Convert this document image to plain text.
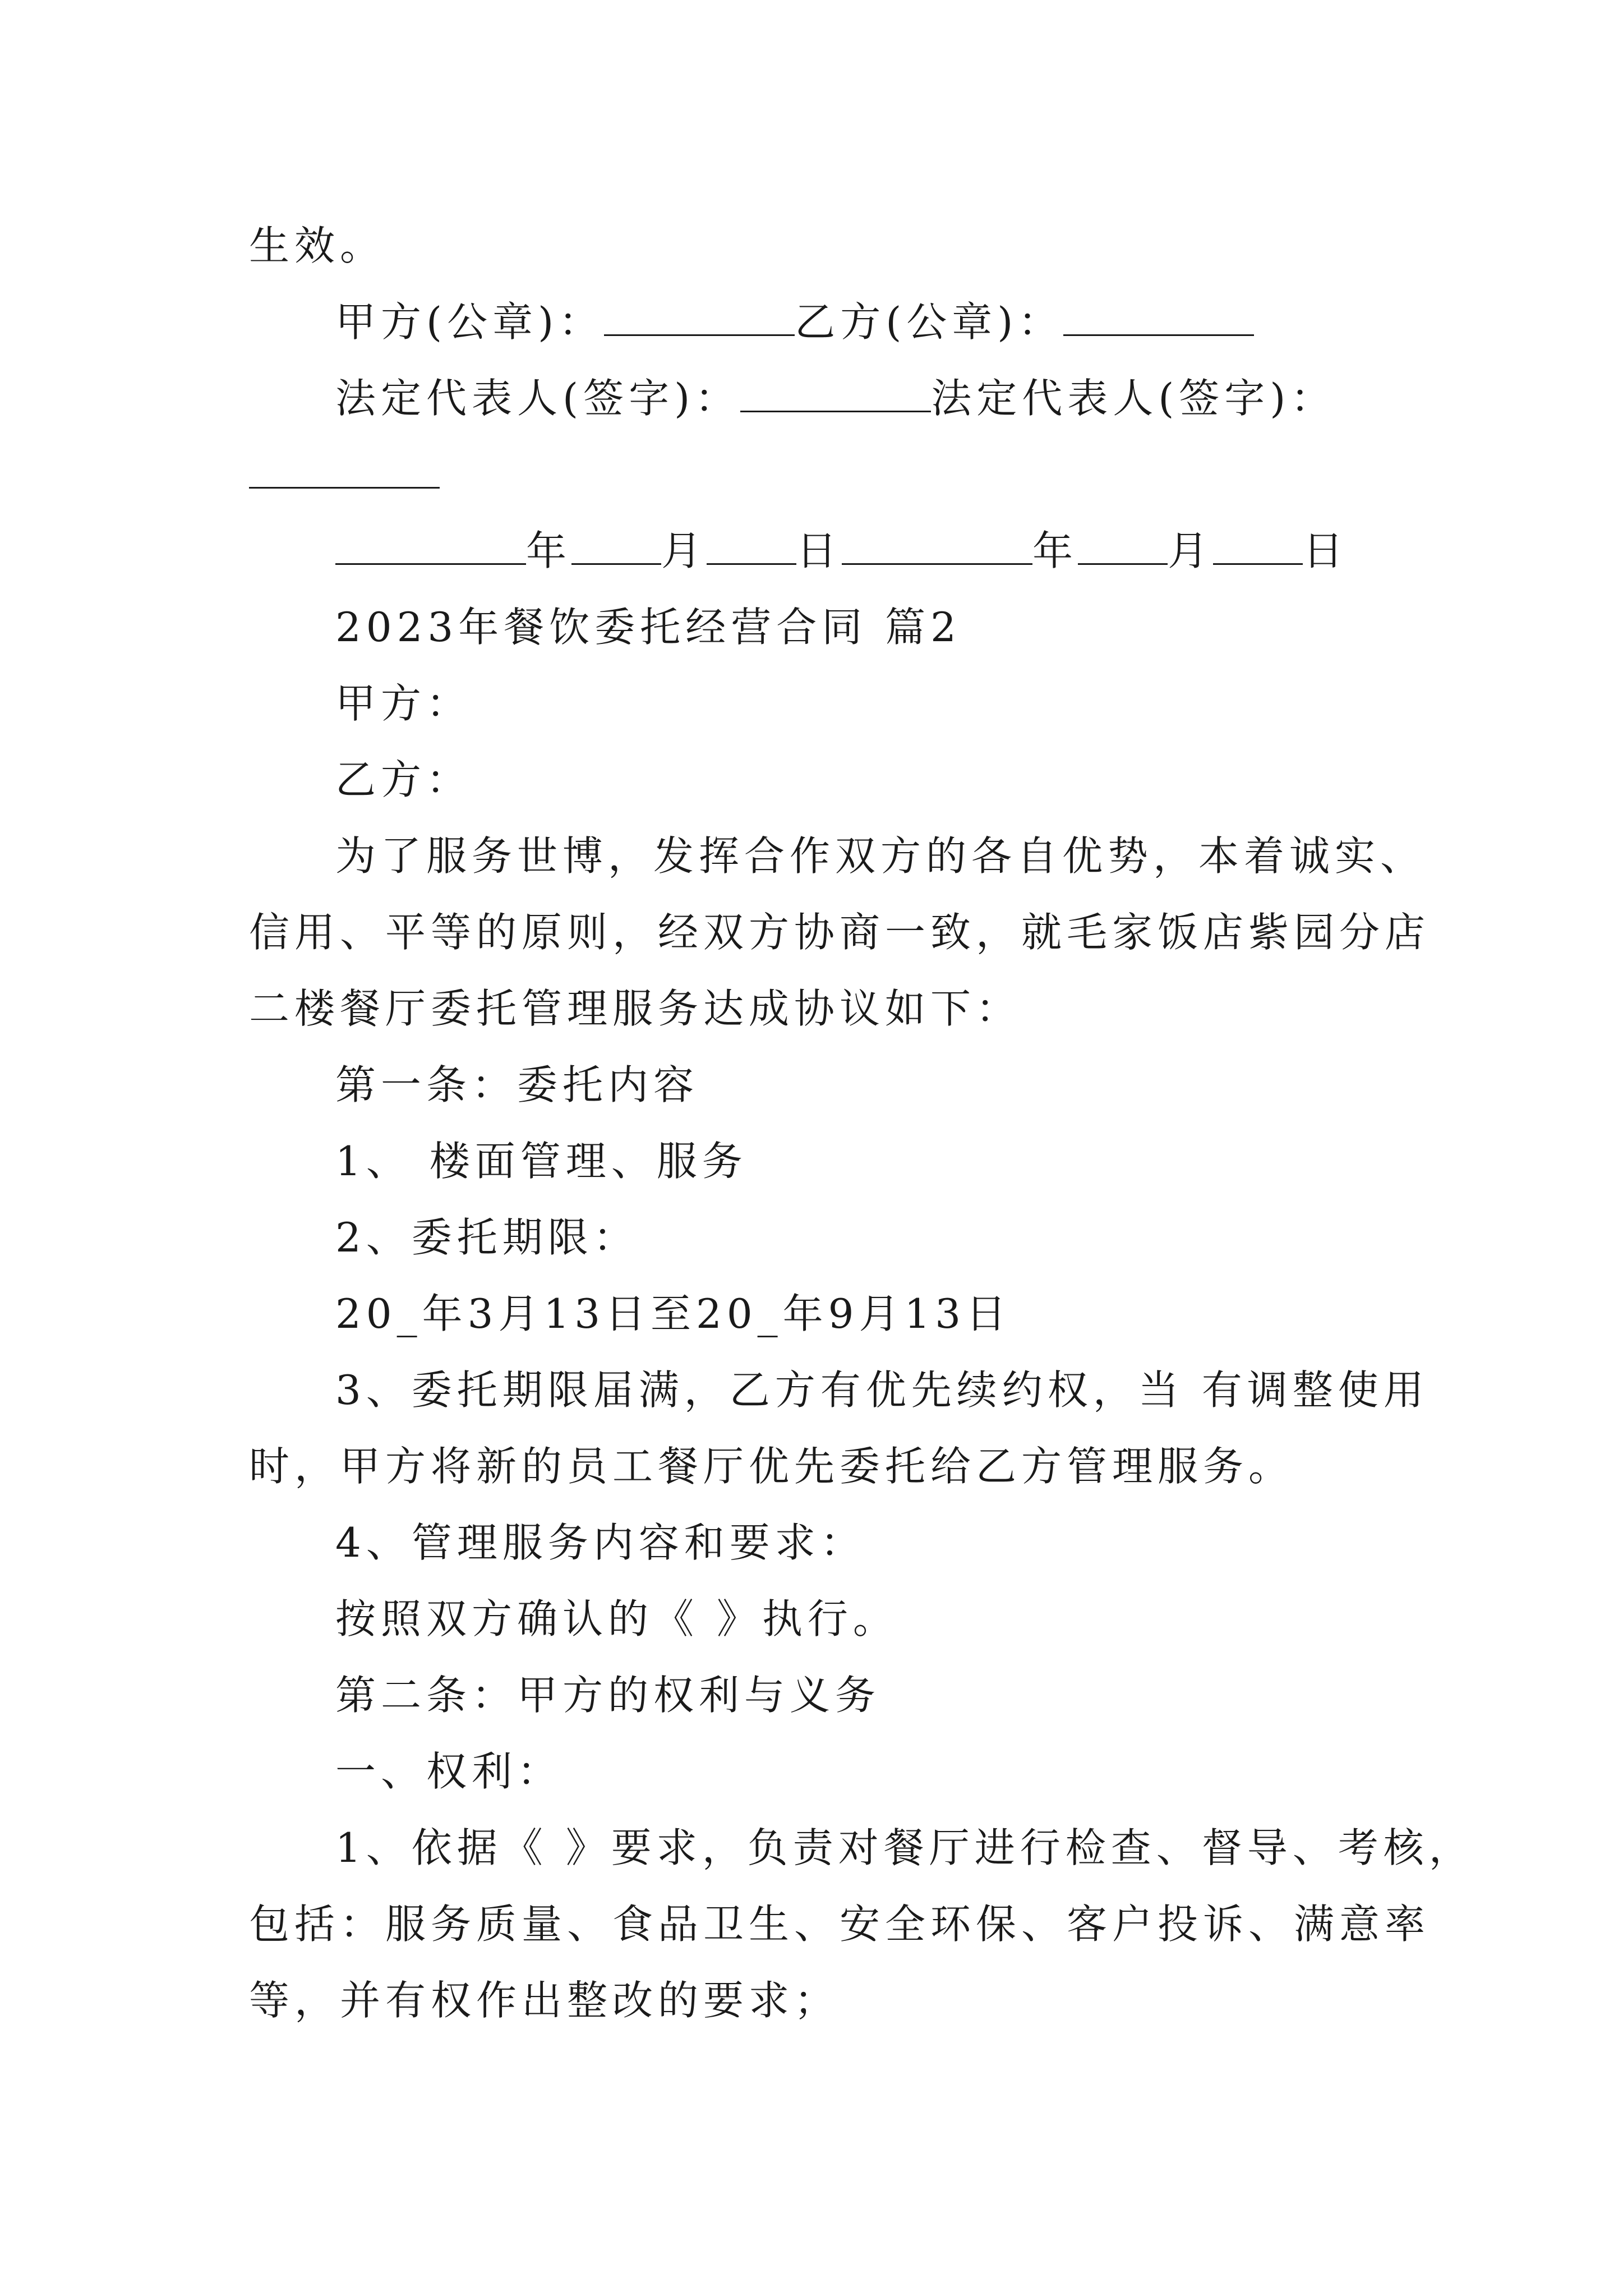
生效。
甲方(公章)：	乙方(公章)：
法定代表人(签字)：	法定代表人(签字)：
年 月 日	年 月 日
2023年餐饮委托经营合同 篇2
甲方：
乙方：
为了服务世博，发挥合作双方的各自优势，本着诚实、
信用、平等的原则，经双方协商一致，就毛家饭店紫园分店
二楼餐厅委托管理服务达成协议如下：
第一条：委托内容
1、 楼面管理、服务
2、委托期限：
20_年3月13日至20_年9月13日
3、委托期限届满，乙方有优先续约权，当 有调整使用
时，甲方将新的员工餐厅优先委托给乙方管理服务。
4、管理服务内容和要求：
按照双方确认的《 》执行。
第二条：甲方的权利与义务
一、权利：
1、依据《 》要求，负责对餐厅进行检查、督导、考核，
包括：服务质量、食品卫生、安全环保、客户投诉、满意率
等，并有权作出整改的要求；
